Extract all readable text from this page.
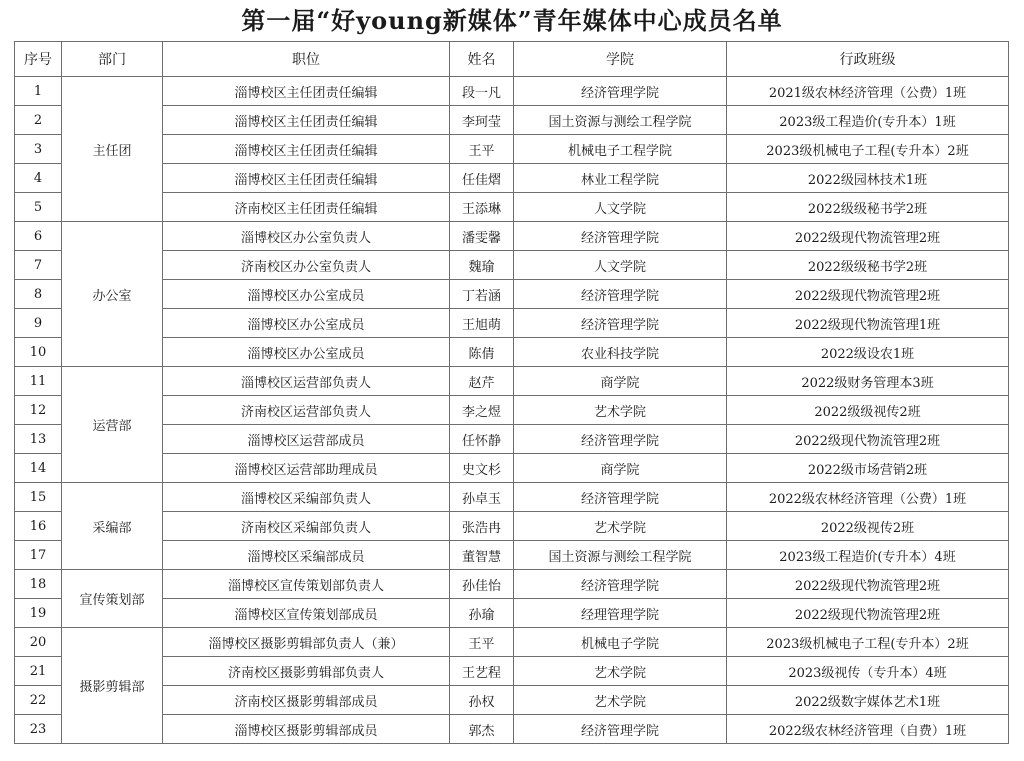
第一届“好young新媒体”青年媒体中心成员名单
序号	部门	职位	姓名	学院	行政班级
1	主任团	淄博校区主任团责任编辑	段一凡	经济管理学院	2021级农林经济管理（公费）1班
2		淄博校区主任团责任编辑	李珂莹	国土资源与测绘工程学院	2023级工程造价(专升本）1班
3		淄博校区主任团责任编辑	王平	机械电子工程学院	2023级机械电子工程(专升本）2班
4		淄博校区主任团责任编辑	任佳熠	林业工程学院	2022级园林技术1班
5		济南校区主任团责任编辑	王添琳	人文学院	2022级级秘书学2班
6	办公室	淄博校区办公室负责人	潘雯馨	经济管理学院	2022级现代物流管理2班
7		济南校区办公室负责人	魏瑜	人文学院	2022级级秘书学2班
8		淄博校区办公室成员	丁若涵	经济管理学院	2022级现代物流管理2班
9		淄博校区办公室成员	王旭萌	经济管理学院	2022级现代物流管理1班
10		淄博校区办公室成员	陈倩	农业科技学院	2022级设农1班
11	运营部	淄博校区运营部负责人	赵芹	商学院	2022级财务管理本3班
12		济南校区运营部负责人	李之煜	艺术学院	2022级级视传2班
13		淄博校区运营部成员	任怀静	经济管理学院	2022级现代物流管理2班
14		淄博校区运营部助理成员	史文杉	商学院	2022级市场营销2班
15	采编部	淄博校区采编部负责人	孙卓玉	经济管理学院	2022级农林经济管理（公费）1班
16		济南校区采编部负责人	张浩冉	艺术学院	2022级视传2班
17		淄博校区采编部成员	董智慧	国土资源与测绘工程学院	2023级工程造价(专升本）4班
18	宣传策划部	淄博校区宣传策划部负责人	孙佳怡	经济管理学院	2022级现代物流管理2班
19		淄博校区宣传策划部成员	孙瑜	经理管理学院	2022级现代物流管理2班
20	摄影剪辑部	淄博校区摄影剪辑部负责人（兼）	王平	机械电子学院	2023级机械电子工程(专升本）2班
21		济南校区摄影剪辑部负责人	王艺程	艺术学院	2023级视传（专升本）4班
22		济南校区摄影剪辑部成员	孙权	艺术学院	2022级数字媒体艺术1班
23		淄博校区摄影剪辑部成员	郭杰	经济管理学院	2022级农林经济管理（自费）1班
